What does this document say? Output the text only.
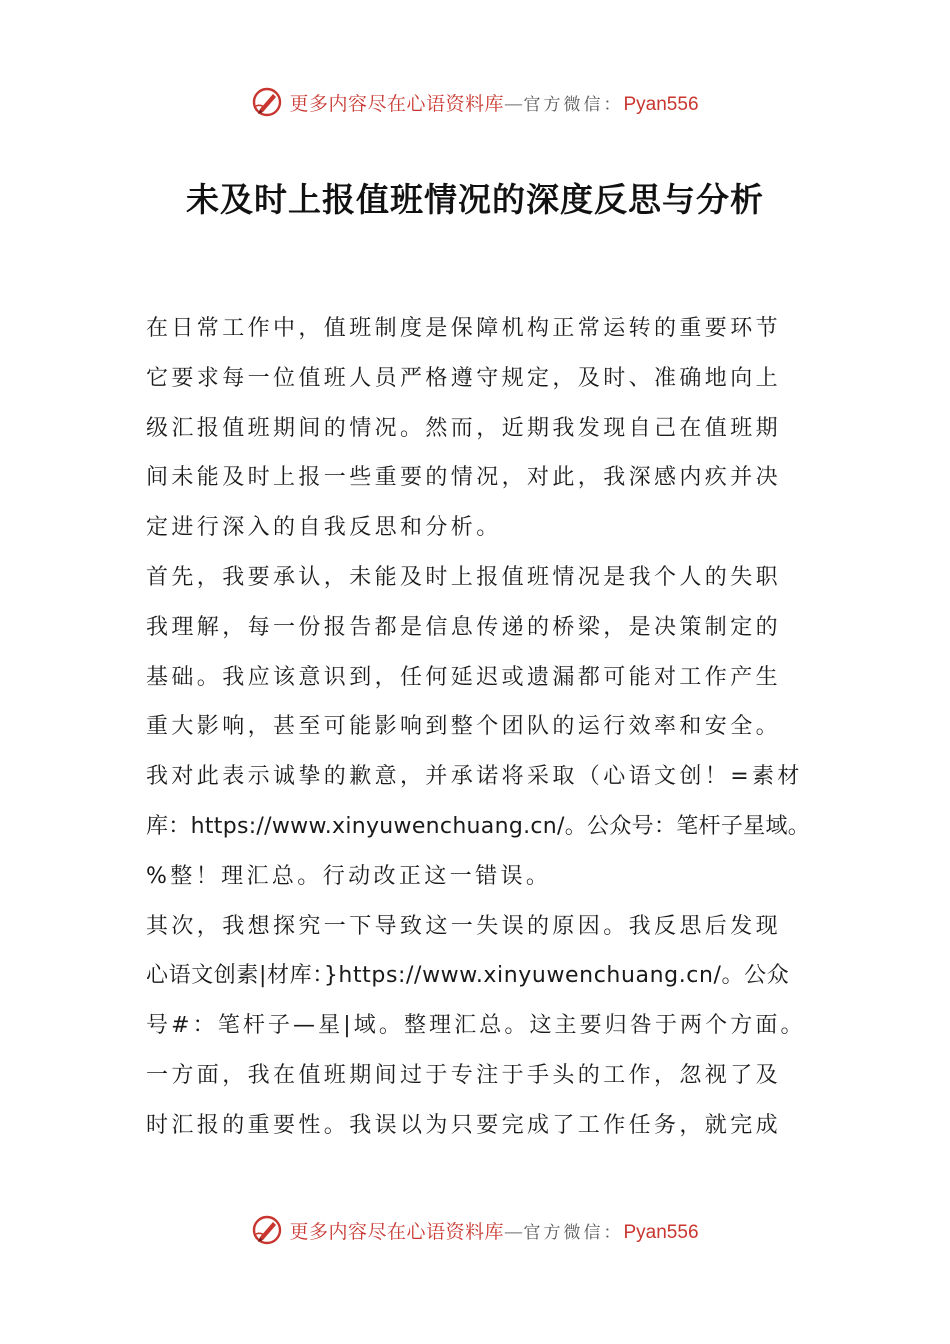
更多内容尽在心语资料库—官方微信：Pyan556
未及时上报值班情况的深度反思与分析
在日常工作中，值班制度是保障机构正常运转的重要环节
它要求每一位值班人员严格遵守规定，及时、准确地向上
级汇报值班期间的情况。然而，近期我发现自己在值班期
间未能及时上报一些重要的情况，对此，我深感内疚并决
定进行深入的自我反思和分析。
首先，我要承认，未能及时上报值班情况是我个人的失职
我理解，每一份报告都是信息传递的桥梁，是决策制定的
基础。我应该意识到，任何延迟或遗漏都可能对工作产生
重大影响，甚至可能影响到整个团队的运行效率和安全。
我对此表示诚挚的歉意，并承诺将采取（心语文创！=素材
库：https://www.xinyuwenchuang.cn/。公众号：笔杆子星域。
%整！理汇总。行动改正这一错误。
其次，我想探究一下导致这一失误的原因。我反思后发现
心语文创素|材库：}https://www.xinyuwenchuang.cn/。公众
号#：笔杆子—星|域。整理汇总。这主要归咎于两个方面。
一方面，我在值班期间过于专注于手头的工作，忽视了及
时汇报的重要性。我误以为只要完成了工作任务，就完成
更多内容尽在心语资料库—官方微信：Pyan556
